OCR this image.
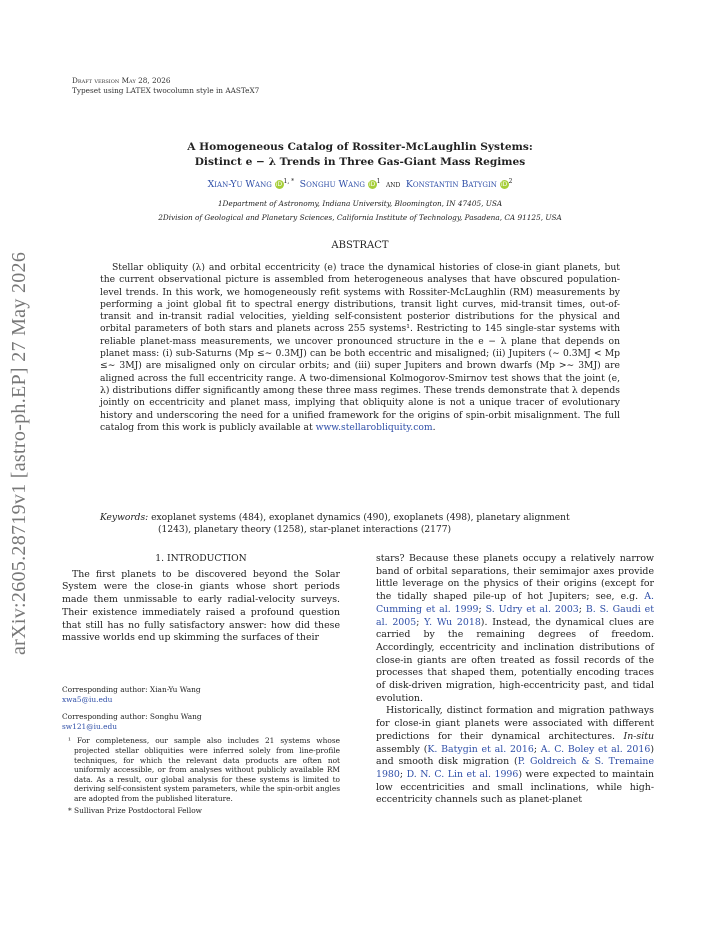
Draft version May 28, 2026
Typeset using LATEX twocolumn style in AASTeX7
arXiv:2605.28719v1 [astro-ph.EP] 27 May 2026
A Homogeneous Catalog of Rossiter-McLaughlin Systems:
Distinct e − λ Trends in Three Gas-Giant Mass Regimes
Xian-Yu Wang $iD^{1, *}$ Songhu Wang $iD^1$ and Konstantin Batygin $iD^2$
1Department of Astronomy, Indiana University, Bloomington, IN 47405, USA
2Division of Geological and Planetary Sciences, California Institute of Technology, Pasadena, CA 91125, USA
ABSTRACT
Stellar obliquity (λ) and orbital eccentricity (e) trace the dynamical histories of close-in giant planets, but the current observational picture is assembled from heterogeneous analyses that have obscured population-level trends. In this work, we homogeneously refit systems with Rossiter-McLaughlin (RM) measurements by performing a joint global fit to spectral energy distributions, transit light curves, mid-transit times, out-of-transit and in-transit radial velocities, yielding self-consistent posterior distributions for the physical and orbital parameters of both stars and planets across 255 systems¹. Restricting to 145 single-star systems with reliable planet-mass measurements, we uncover pronounced structure in the e − λ plane that depends on planet mass: (i) sub-Saturns (Mp ≤∼ 0.3MJ) can be both eccentric and misaligned; (ii) Jupiters (∼ 0.3MJ < Mp ≤∼ 3MJ) are misaligned only on circular orbits; and (iii) super Jupiters and brown dwarfs (Mp >∼ 3MJ) are aligned across the full eccentricity range. A two-dimensional Kolmogorov-Smirnov test shows that the joint (e, λ) distributions differ significantly among these three mass regimes. These trends demonstrate that λ depends jointly on eccentricity and planet mass, implying that obliquity alone is not a unique tracer of evolutionary history and underscoring the need for a unified framework for the origins of spin-orbit misalignment. The full catalog from this work is publicly available at www.stellarobliquity.com.
Keywords: exoplanet systems (484), exoplanet dynamics (490), exoplanets (498), planetary alignment
(1243), planetary theory (1258), star-planet interactions (2177)
1. INTRODUCTION

The first planets to be discovered beyond the Solar System were the close-in giants whose short periods made them unmissable to early radial-velocity surveys. Their existence immediately raised a profound question that still has no fully satisfactory answer: how did these massive worlds end up skimming the surfaces of their

Corresponding author: Xian-Yu Wang
xwa5@iu.edu
Corresponding author: Songhu Wang
sw121@iu.edu
¹ For completeness, our sample also includes 21 systems whose projected stellar obliquities were inferred solely from line-profile techniques, for which the relevant data products are often not uniformly accessible, or from analyses without publicly available RM data. As a result, our global analysis for these systems is limited to deriving self-consistent system parameters, while the spin-orbit angles are adopted from the published literature.
* Sullivan Prize Postdoctoral Fellow

stars? Because these planets occupy a relatively narrow band of orbital separations, their semimajor axes provide little leverage on the physics of their origins (except for the tidally shaped pile-up of hot Jupiters; see, e.g. A. Cumming et al. 1999; S. Udry et al. 2003; B. S. Gaudi et al. 2005; Y. Wu 2018). Instead, the dynamical clues are carried by the remaining degrees of freedom. Accordingly, eccentricity and inclination distributions of close-in giants are often treated as fossil records of the processes that shaped them, potentially encoding traces of disk-driven migration, high-eccentricity past, and tidal evolution.

Historically, distinct formation and migration pathways for close-in giant planets were associated with different predictions for their dynamical architectures. In-situ assembly (K. Batygin et al. 2016; A. C. Boley et al. 2016) and smooth disk migration (P. Goldreich & S. Tremaine 1980; D. N. C. Lin et al. 1996) were expected to maintain low eccentricities and small inclinations, while high-eccentricity channels such as planet-planet
